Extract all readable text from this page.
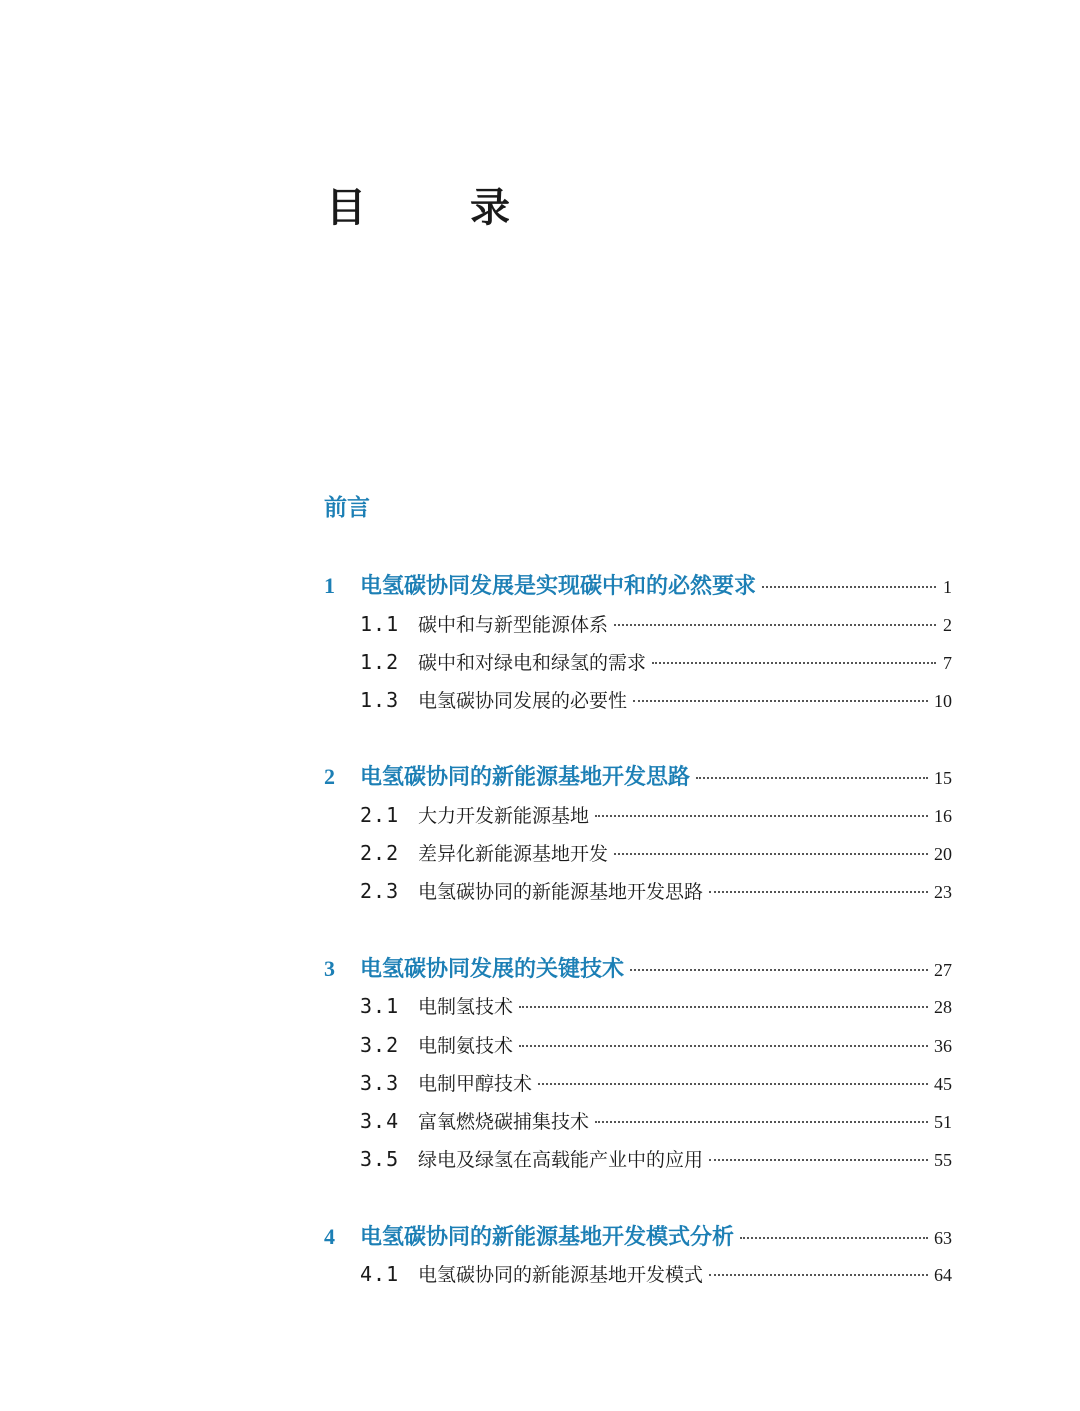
目　录
前言
1	电氢碳协同发展是实现碳中和的必然要求	1
1.1 碳中和与新型能源体系	2
1.2 碳中和对绿电和绿氢的需求	7
1.3 电氢碳协同发展的必要性	10
2	电氢碳协同的新能源基地开发思路	15
2.1 大力开发新能源基地	16
2.2 差异化新能源基地开发	20
2.3 电氢碳协同的新能源基地开发思路	23
3	电氢碳协同发展的关键技术	27
3.1 电制氢技术	28
3.2 电制氨技术	36
3.3 电制甲醇技术	45
3.4 富氧燃烧碳捕集技术	51
3.5 绿电及绿氢在高载能产业中的应用	55
4	电氢碳协同的新能源基地开发模式分析	63
4.1 电氢碳协同的新能源基地开发模式	64
